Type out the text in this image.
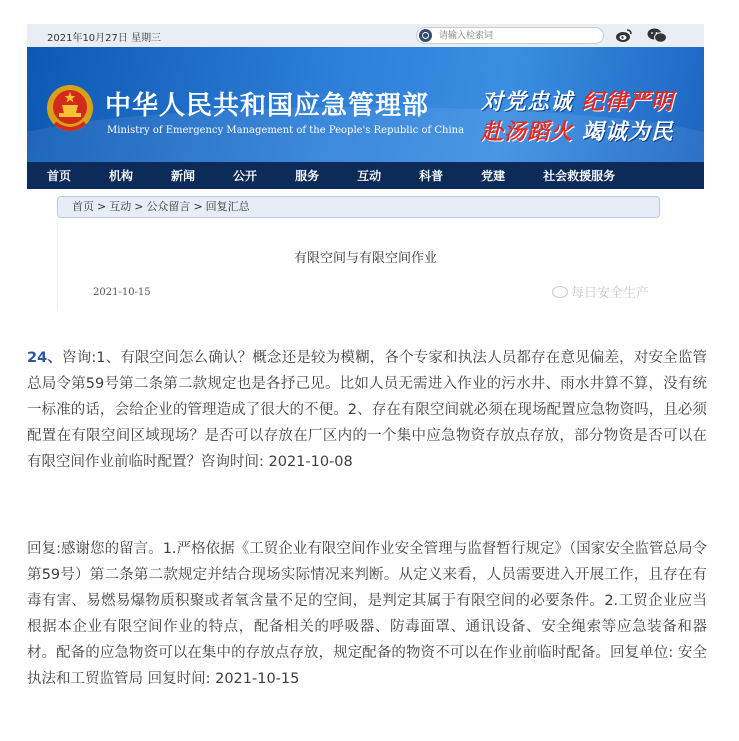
2021年10月27日 星期三
请输入检索词
中华人民共和国应急管理部
Ministry of Emergency Management of the People's Republic of China
对党忠诚 纪律严明
赴汤蹈火 竭诚为民
首页	机构	新闻	公开	服务	互动	科普	党建	社会救援服务
首页 > 互动 > 公众留言 > 回复汇总
有限空间与有限空间作业
2021-10-15	每日安全生产
24、咨询:1、有限空间怎么确认？概念还是较为模糊，各个专家和执法人员都存在意见偏差，对安全监管总局令第59号第二条第二款规定也是各抒己见。比如人员无需进入作业的污水井、雨水井算不算，没有统一标准的话，会给企业的管理造成了很大的不便。2、存在有限空间就必须在现场配置应急物资吗，且必须配置在有限空间区域现场？是否可以存放在厂区内的一个集中应急物资存放点存放，部分物资是否可以在有限空间作业前临时配置？咨询时间: 2021-10-08
回复:感谢您的留言。1.严格依据《工贸企业有限空间作业安全管理与监督暂行规定》（国家安全监管总局令第59号）第二条第二款规定并结合现场实际情况来判断。从定义来看，人员需要进入开展工作，且存在有毒有害、易燃易爆物质积聚或者氧含量不足的空间，是判定其属于有限空间的必要条件。2.工贸企业应当根据本企业有限空间作业的特点，配备相关的呼吸器、防毒面罩、通讯设备、安全绳索等应急装备和器材。配备的应急物资可以在集中的存放点存放，规定配备的物资不可以在作业前临时配备。回复单位: 安全执法和工贸监管局 回复时间: 2021-10-15
